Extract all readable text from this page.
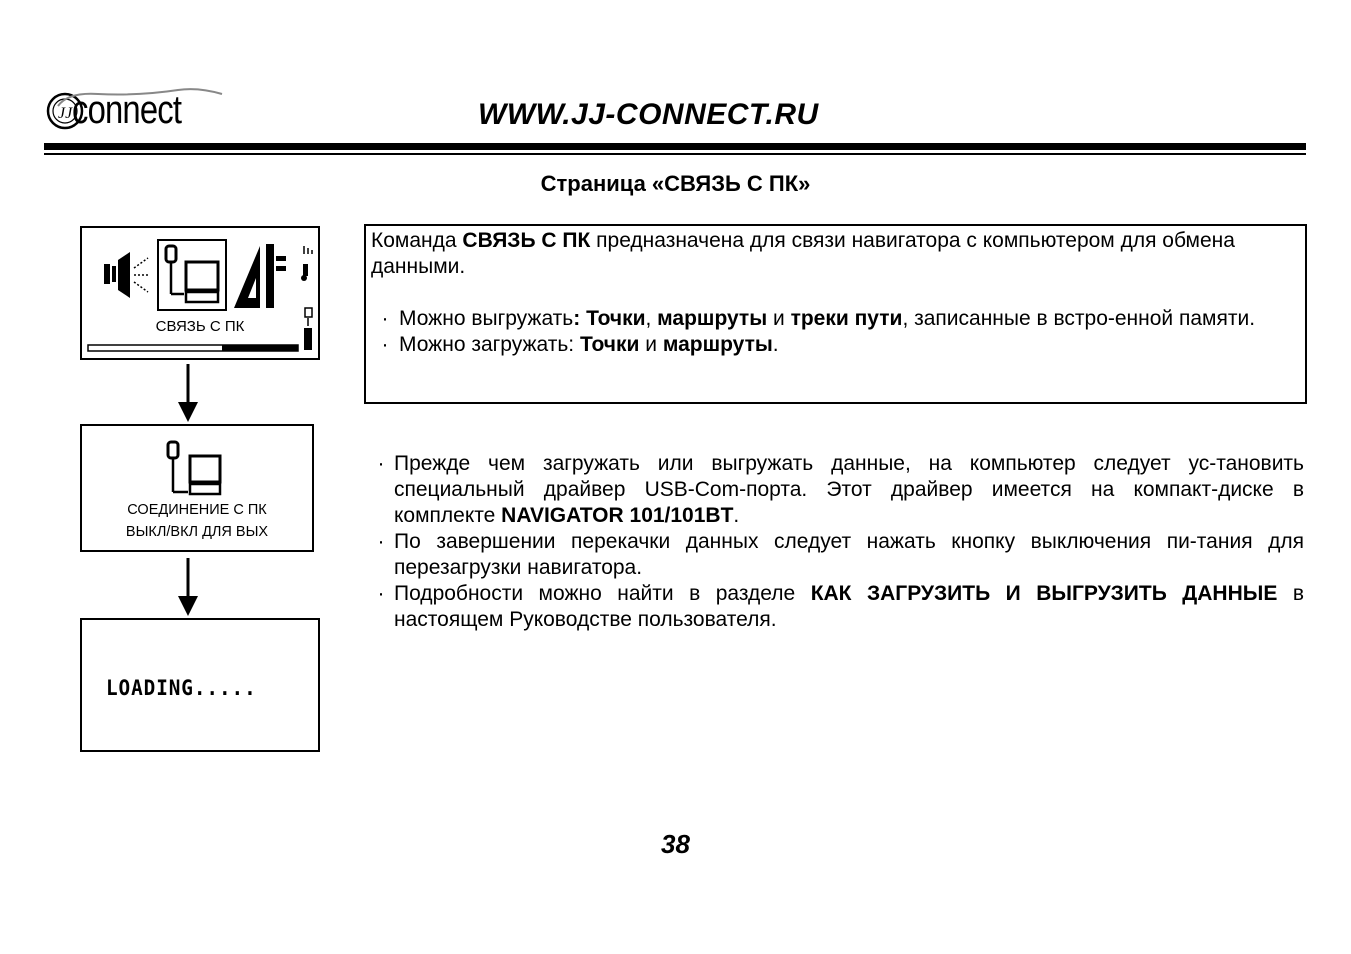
JJ connect	WWW.JJ-CONNECT.RU
Страница «СВЯЗЬ С ПК»
СВЯЗЬ С ПК
СОЕДИНЕНИЕ С ПК
ВЫКЛ/ВКЛ ДЛЯ ВЫХ
LOADING.....

Команда СВЯЗЬ С ПК предназначена для связи навигатора с компьютером для обмена данными.

· Можно выгружать: Точки, маршруты и треки пути, записанные в встро-енной памяти.
· Можно загружать: Точки и маршруты.
· Прежде чем загружать или выгружать данные, на компьютер следует ус-тановить специальный драйвер USB-Com-порта. Этот драйвер имеется на компакт-диске в комплекте NAVIGATOR 101/101BT.
· По завершении перекачки данных следует нажать кнопку выключения пи-тания для перезагрузки навигатора.
· Подробности можно найти в разделе КАК ЗАГРУЗИТЬ И ВЫГРУЗИТЬ ДАННЫЕ в настоящем Руководстве пользователя.
38
